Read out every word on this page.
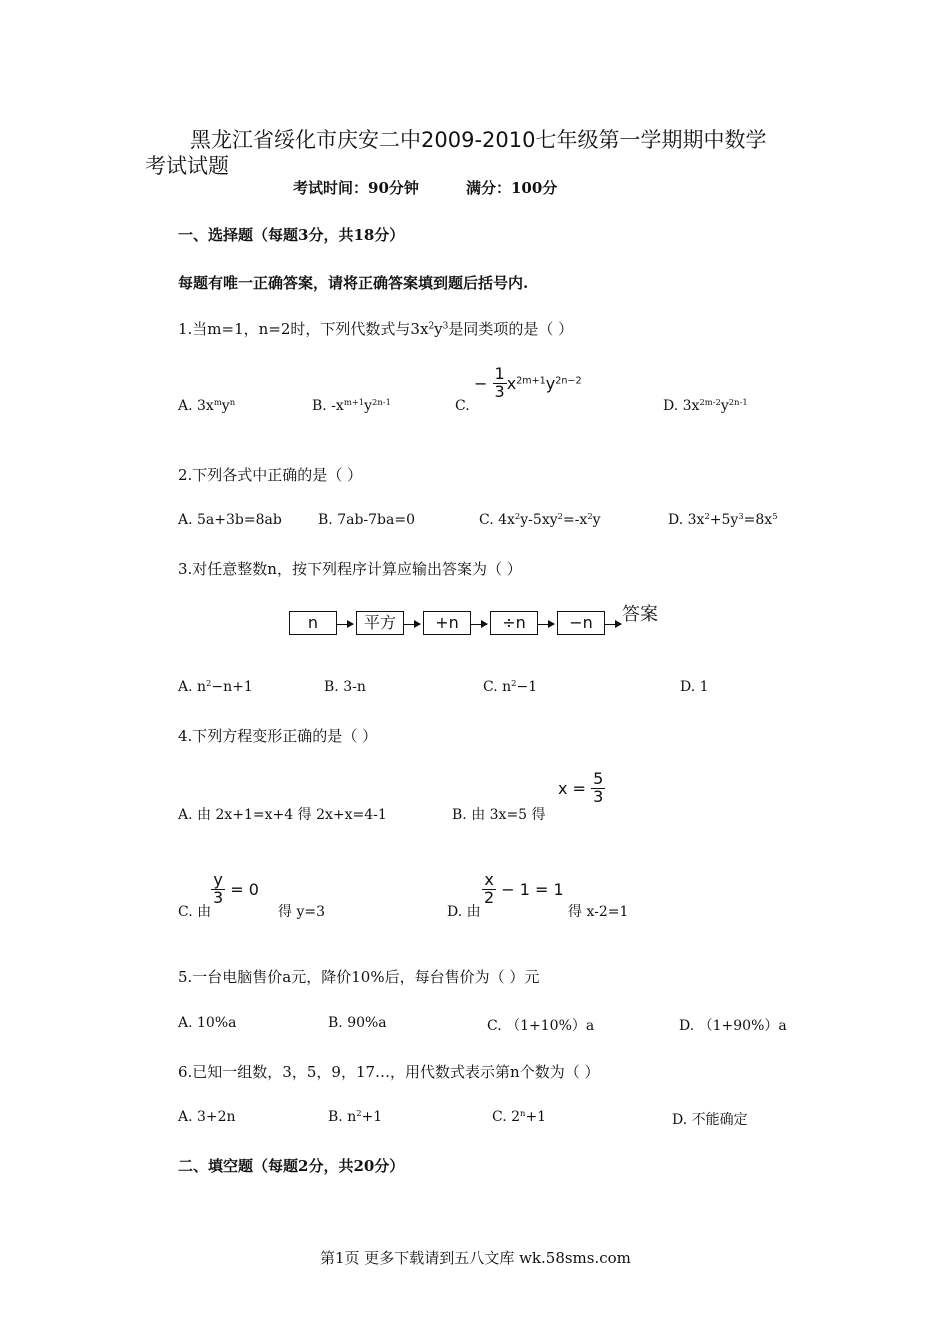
黑龙江省绥化市庆安二中2009-2010七年级第一学期期中数学
考试试题
考试时间：90分钟	满分：100分
一、选择题（每题3分，共18分）
每题有唯一正确答案，请将正确答案填到题后括号内.
1.当m=1，n=2时，下列代数式与$3x^2y^3$是同类项的是（ ）
A. $3x^my^n$	B. $-x^{m+1}y^{2n-1}$	C.
− $\frac{1}{3} x^{2m+1}y^{2n-2}$
D. $3x^{2m-2}y^{2n-1}$
2.下列各式中正确的是（ ）
A. 5a+3b=8ab	B. 7ab-7ba=0	C. $4x^2y-5xy^2=-x^2y$	D. $3x^2+5y^3=8x^5$
3.对任意整数n，按下列程序计算应输出答案为（ ）
n	平方	+n	÷n	−n	答案
A. $n^2-n+1$	B. 3-n	C. $n^2-1$	D. 1
4.下列方程变形正确的是（ ）
A. 由 2x+1=x+4 得 2x+x=4-1	B. 由 3x=5 得
$x = \frac{5}{3}$
C. 由
$\frac{y}{3} = 0$
得 y=3	D. 由
$\frac{x}{2} - 1 = 1$
得 x-2=1
5.一台电脑售价a元，降价10%后，每台售价为（ ）元
A. 10%a	B. 90%a	C. （1+10%）a	D. （1+90%）a
6.已知一组数，3，5，9，17…，用代数式表示第n个数为（ ）
A. 3+2n	B. $n^2+1$	C. $2^n+1$	D. 不能确定
二、填空题（每题2分，共20分）
第1页 更多下载请到五八文库 wk.58sms.com
